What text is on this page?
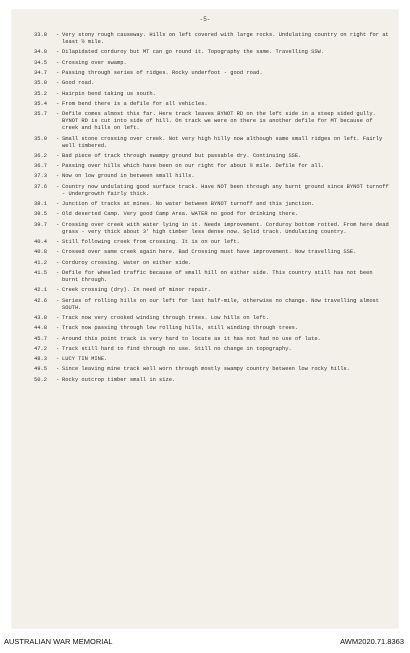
-5-
33.8	- Very stony rough causeway. Hills on left covered with large rocks. Undulating country on right for at least ½ mile.
34.0	- Dilapidated corduroy but MT can go round it. Topography the same. Travelling SSW.
34.5	- Crossing over swamp.
34.7	- Passing through series of ridges. Rocky underfoot - good road.
35.0	- Good road.
35.2	- Hairpin bend taking us south.
35.4	- From bend there is a defile for all vehicles.
35.7	- Defile comes almost this far. Here track leaves BYNOT RD on the left side in a steep sided gully. BYNOT RD is cut into side of hill. On track we were on there is another defile for MT because of creek and hills on left.
35.9	- Small stone crossing over creek. Not very high hilly now although same small ridges on left. Fairly well timbered.
36.2	- Bad piece of track through swampy ground but passable dry. Continuing SSE.
36.7	- Passing over hills which have been on our right for about ½ mile. Defile for all.
37.3	- Now on low ground in between small hills.
37.6	- Country now undulating good surface track. Have NOT been through any burnt ground since BYNOT turnoff - Undergrowth fairly thick.
38.1	- Junction of tracks at mines. No water between BYNOT turnoff and this junction.
39.5	- Old deserted Camp. Very good Camp Area. WATER no good for drinking there.
39.7	- Crossing over creek with water lying in it. Needs improvement. Corduroy bottom rotted. From here dead grass - very thick about 3' high timber less dense now. Solid track. Undulating country.
40.4	- Still following creek from crossing. It is on our left.
40.8	- Crossed over same creek again here. Bad Crossing must have improvement. Now travelling SSE.
41.2	- Corduroy crossing. Water on either side.
41.5	- Defile for wheeled traffic because of small hill on either side. This country still has not been burnt through.
42.1	- Creek crossing (dry). In need of minor repair.
42.6	- Series of rolling hills on our left for last half-mile, otherwise no change. Now travelling almost SOUTH.
43.8	- Track now very crooked winding through trees. Low hills on left.
44.8	- Track now passing through low rolling hills, still winding through trees.
45.7	- Around this point track is very hard to locate as it has not had no use of late.
47.2	- Track still hard to find through no use. Still no change in topography.
48.3	- LUCY TIN MINE.
49.5	- Since leaving mine track well worn through mostly swampy country between low rocky hills.
50.2	- Rocky outcrop timber small in size.
AUSTRALIAN WAR MEMORIAL	AWM2020.71.8363
